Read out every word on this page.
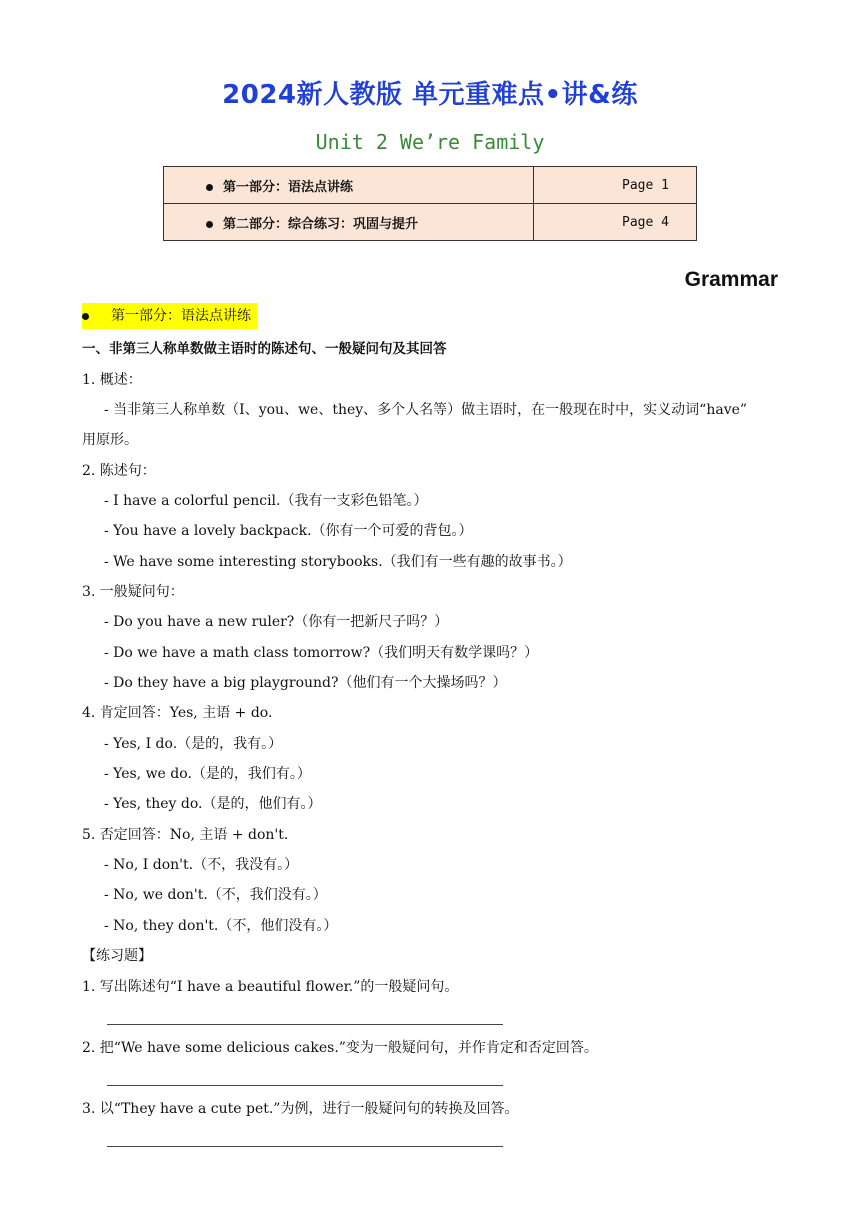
2024新人教版 单元重难点•讲&练
Unit 2 We’re Family
第一部分：语法点讲练	Page 1
第二部分：综合练习：巩固与提升	Page 4
Grammar
第一部分：语法点讲练
一、非第三人称单数做主语时的陈述句、一般疑问句及其回答
1. 概述：
- 当非第三人称单数（I、you、we、they、多个人名等）做主语时，在一般现在时中，实义动词“have”
用原形。
2. 陈述句：
- I have a colorful pencil.（我有一支彩色铅笔。）
- You have a lovely backpack.（你有一个可爱的背包。）
- We have some interesting storybooks.（我们有一些有趣的故事书。）
3. 一般疑问句：
- Do you have a new ruler?（你有一把新尺子吗？）
- Do we have a math class tomorrow?（我们明天有数学课吗？）
- Do they have a big playground?（他们有一个大操场吗？）
4. 肯定回答：Yes, 主语 + do.
- Yes, I do.（是的，我有。）
- Yes, we do.（是的，我们有。）
- Yes, they do.（是的，他们有。）
5. 否定回答：No, 主语 + don't.
- No, I don't.（不，我没有。）
- No, we don't.（不，我们没有。）
- No, they don't.（不，他们没有。）
【练习题】
1. 写出陈述句“I have a beautiful flower.”的一般疑问句。
2. 把“We have some delicious cakes.”变为一般疑问句，并作肯定和否定回答。
3. 以“They have a cute pet.”为例，进行一般疑问句的转换及回答。
